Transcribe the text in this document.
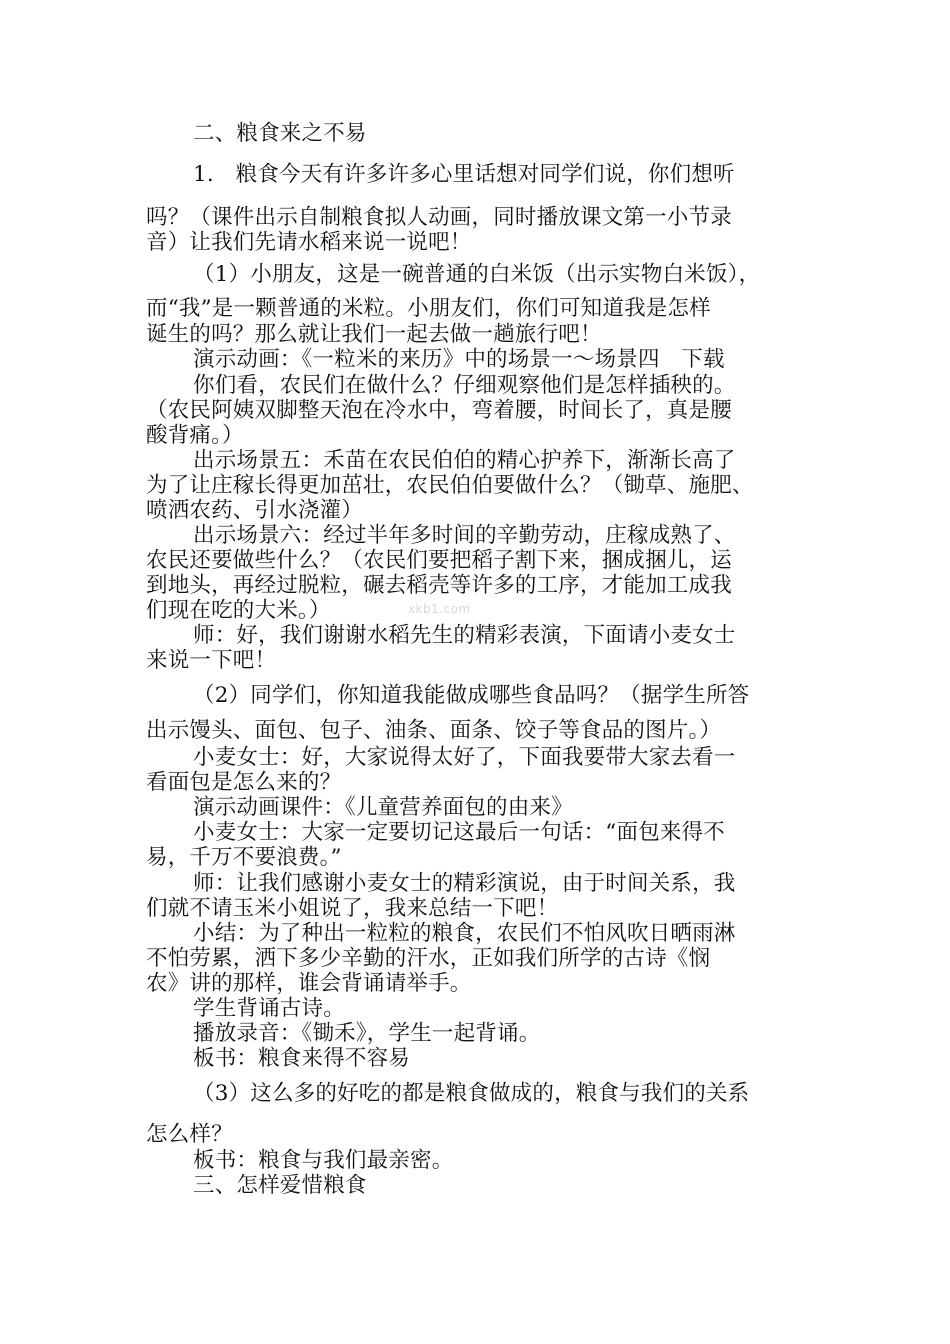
二、粮食来之不易
1.　粮食今天有许多许多心里话想对同学们说，你们想听
吗？（课件出示自制粮食拟人动画，同时播放课文第一小节录
音）让我们先请水稻来说一说吧！
（1）小朋友，这是一碗普通的白米饭（出示实物白米饭），
而“我”是一颗普通的米粒。小朋友们，你们可知道我是怎样
诞生的吗？那么就让我们一起去做一趟旅行吧！
演示动画：《一粒米的来历》中的场景一～场景四　下载
你们看，农民们在做什么？仔细观察他们是怎样插秧的。
（农民阿姨双脚整天泡在冷水中，弯着腰，时间长了，真是腰
酸背痛。）
出示场景五：禾苗在农民伯伯的精心护养下，渐渐长高了
为了让庄稼长得更加茁壮，农民伯伯要做什么？（锄草、施肥、
喷洒农药、引水浇灌）
出示场景六：经过半年多时间的辛勤劳动，庄稼成熟了、
农民还要做些什么？（农民们要把稻子割下来，捆成捆儿，运
到地头，再经过脱粒，碾去稻壳等许多的工序，才能加工成我
们现在吃的大米。）
师：好，我们谢谢水稻先生的精彩表演，下面请小麦女士
来说一下吧！
（2）同学们，你知道我能做成哪些食品吗？（据学生所答
出示馒头、面包、包子、油条、面条、饺子等食品的图片。）
小麦女士：好，大家说得太好了，下面我要带大家去看一
看面包是怎么来的？
演示动画课件：《儿童营养面包的由来》
小麦女士：大家一定要切记这最后一句话：“面包来得不
易，千万不要浪费。”
师：让我们感谢小麦女士的精彩演说，由于时间关系，我
们就不请玉米小姐说了，我来总结一下吧！
小结：为了种出一粒粒的粮食，农民们不怕风吹日晒雨淋
不怕劳累，洒下多少辛勤的汗水，正如我们所学的古诗《悯
农》讲的那样，谁会背诵请举手。
学生背诵古诗。
播放录音：《锄禾》，学生一起背诵。
板书：粮食来得不容易
（3）这么多的好吃的都是粮食做成的，粮食与我们的关系
怎么样？
板书：粮食与我们最亲密。
三、怎样爱惜粮食
xkb1.com
